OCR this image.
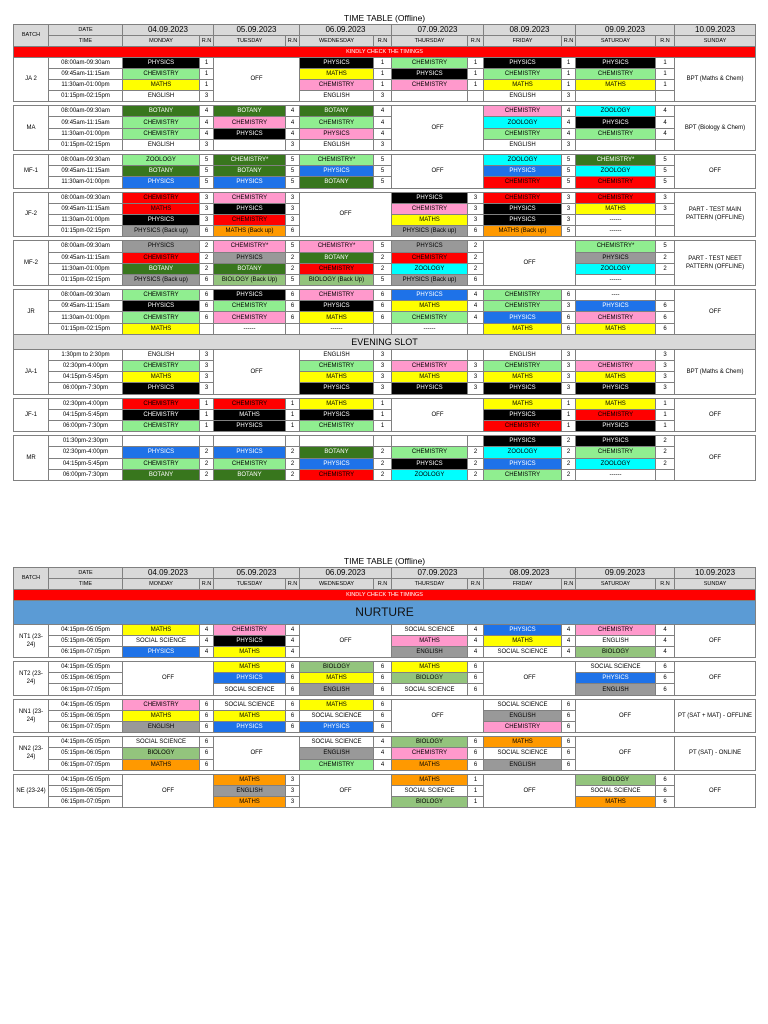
TIME TABLE (Offline)														
BATCH	DATE	04.09.2023		05.09.2023		06.09.2023		07.09.2023		08.09.2023		09.09.2023		10.09.2023
	TIME	MONDAY	R.N	TUESDAY	R.N	WEDNESDAY	R.N	THURSDAY	R.N	FRIDAY	R.N	SATURDAY	R.N	SUNDAY
KINDLY CHECK THE TIMINGS														
JA 2	08:00am-09:30am	PHYSICS	1	OFF		PHYSICS	1	CHEMISTRY	1	PHYSICS	1	PHYSICS	1	BPT (Maths & Chem)
	09:45am-11:15am	CHEMISTRY	1			MATHS	1	PHYSICS	1	CHEMISTRY	1	CHEMISTRY	1	
	11:30am-01:00pm	MATHS	1			CHEMISTRY	1	CHEMISTRY	1	MATHS	1	MATHS	1	
	01:15pm-02:15pm	ENGLISH	3			ENGLISH	3			ENGLISH	3			

MA	08:00am-09:30am	BOTANY	4	BOTANY	4	BOTANY	4	OFF		CHEMISTRY	4	ZOOLOGY	4	BPT (Biology & Chem)
	09:45am-11:15am	CHEMISTRY	4	CHEMISTRY	4	CHEMISTRY	4			ZOOLOGY	4	PHYSICS	4	
	11:30am-01:00pm	CHEMISTRY	4	PHYSICS	4	PHYSICS	4			CHEMISTRY	4	CHEMISTRY	4	
	01:15pm-02:15pm	ENGLISH	3		3	ENGLISH	3			ENGLISH	3			

MF-1	08:00am-09:30am	ZOOLOGY	5	CHEMISTRY*	5	CHEMISTRY*	5	OFF		ZOOLOGY	5	CHEMISTRY*	5	OFF
	09:45am-11:15am	BOTANY	5	BOTANY	5	PHYSICS	5			PHYSICS	5	ZOOLOGY	5	
	11:30am-01:00pm	PHYSICS	5	PHYSICS	5	BOTANY	5			CHEMISTRY	5	CHEMISTRY	5	

JF-2	08:00am-09:30am	CHEMISTRY	3	CHEMISTRY	3	OFF		PHYSICS	3	CHEMISTRY	3	CHEMISTRY	3	PART - TEST MAIN PATTERN (OFFLINE)
	09:45am-11:15am	MATHS	3	PHYSICS	3			CHEMISTRY	3	PHYSICS	3	MATHS	3	
	11:30am-01:00pm	PHYSICS	3	CHEMISTRY	3			MATHS	3	PHYSICS	3	------		
	01:15pm-02:15pm	PHYSICS (Back up)	6	MATHS (Back up)	6			PHYSICS (Back up)	6	MATHS (Back up)	5	------		

MF-2	08:00am-09:30am	PHYSICS	2	CHEMISTRY*	5	CHEMISTRY*	5	PHYSICS	2	OFF		CHEMISTRY*	5	PART - TEST NEET PATTERN (OFFLINE)
	09:45am-11:15am	CHEMISTRY	2	PHYSICS	2	BOTANY	2	CHEMISTRY	2			PHYSICS	2	
	11:30am-01:00pm	BOTANY	2	BOTANY	2	CHEMISTRY	2	ZOOLOGY	2			ZOOLOGY	2	
	01:15pm-02:15pm	PHYSICS (Back up)	6	BIOLOGY (Back Up)	5	BIOLOGY (Back Up)	5	PHYSICS (Back up)	6			------		

JR	08:00am-09:30am	CHEMISTRY	6	PHYSICS	6	CHEMISTRY	6	PHYSICS	4	CHEMISTRY	6	----		OFF
	09:45am-11:15am	PHYSICS	6	CHEMISTRY	6	PHYSICS	6	MATHS	4	CHEMISTRY	3	PHYSICS	6	
	11:30am-01:00pm	CHEMISTRY	6	CHEMISTRY	6	MATHS	6	CHEMISTRY	4	PHYSICS	6	CHEMISTRY	6	
	01:15pm-02:15pm	MATHS		------		------		------		MATHS	6	MATHS	6	
EVENING SLOT														
JA-1	1:30pm to 2:30pm	ENGLISH	3	OFF		ENGLISH	3			ENGLISH	3		3	BPT (Maths & Chem)
	02:30pm-4:00pm	CHEMISTRY	3			CHEMISTRY	3	CHEMISTRY	3	CHEMISTRY	3	CHEMISTRY	3	
	04:15pm-5:45pm	MATHS	3			MATHS	3	MATHS	3	MATHS	3	MATHS	3	
	06:00pm-7:30pm	PHYSICS	3			PHYSICS	3	PHYSICS	3	PHYSICS	3	PHYSICS	3	

JF-1	02:30pm-4:00pm	CHEMISTRY	1	CHEMISTRY	1	MATHS	1	OFF		MATHS	1	MATHS	1	OFF
	04:15pm-5:45pm	CHEMISTRY	1	MATHS	1	PHYSICS	1			PHYSICS	1	CHEMISTRY	1	
	06:00pm-7:30pm	CHEMISTRY	1	PHYSICS	1	CHEMISTRY	1			CHEMISTRY	1	PHYSICS	1	

MR	01:30pm-2:30pm									PHYSICS	2	PHYSICS	2	OFF
	02:30pm-4:00pm	PHYSICS	2	PHYSICS	2	BOTANY	2	CHEMISTRY	2	ZOOLOGY	2	CHEMISTRY	2	
	04:15pm-5:45pm	CHEMISTRY	2	CHEMISTRY	2	PHYSICS	2	PHYSICS	2	PHYSICS	2	ZOOLOGY	2	
	06:00pm-7:30pm	BOTANY	2	BOTANY	2	CHEMISTRY	2	ZOOLOGY	2	CHEMISTRY	2	------		
TIME TABLE (Offline)														
BATCH	DATE	04.09.2023		05.09.2023		06.09.2023		07.09.2023		08.09.2023		09.09.2023		10.09.2023
	TIME	MONDAY	R.N	TUESDAY	R.N	WEDNESDAY	R.N	THURSDAY	R.N	FRIDAY	R.N	SATURDAY	R.N	SUNDAY
KINDLY CHECK THE TIMINGS														
NURTURE														
NT1 (23-24)	04:15pm-05:05pm	MATHS	4	CHEMISTRY	4	OFF		SOCIAL SCIENCE	4	PHYSICS	4	CHEMISTRY	4	OFF
	05:15pm-06:05pm	SOCIAL SCIENCE	4	PHYSICS	4			MATHS	4	MATHS	4	ENGLISH	4	
	06:15pm-07:05pm	PHYSICS	4	MATHS	4			ENGLISH	4	SOCIAL SCIENCE	4	BIOLOGY	4	

NT2 (23-24)	04:15pm-05:05pm	OFF		MATHS	6	BIOLOGY	6	MATHS	6	OFF		SOCIAL SCIENCE	6	OFF
	05:15pm-06:05pm			PHYSICS	6	MATHS	6	BIOLOGY	6			PHYSICS	6	
	06:15pm-07:05pm			SOCIAL SCIENCE	6	ENGLISH	6	SOCIAL SCIENCE	6			ENGLISH	6	

NN1 (23-24)	04:15pm-05:05pm	CHEMISTRY	6	SOCIAL SCIENCE	6	MATHS	6	OFF		SOCIAL SCIENCE	6	OFF		PT (SAT + MAT) - OFFLINE
	05:15pm-06:05pm	MATHS	6	MATHS	6	SOCIAL SCIENCE	6			ENGLISH	6			
	06:15pm-07:05pm	ENGLISH	6	PHYSICS	6	PHYSICS	6			CHEMISTRY	6			

NN2 (23-24)	04:15pm-05:05pm	SOCIAL SCIENCE	6	OFF		SOCIAL SCIENCE	4	BIOLOGY	6	MATHS	6	OFF		PT (SAT) - ONLINE
	05:15pm-06:05pm	BIOLOGY	6			ENGLISH	4	CHEMISTRY	6	SOCIAL SCIENCE	6			
	06:15pm-07:05pm	MATHS	6			CHEMISTRY	4	MATHS	6	ENGLISH	6			

NE (23-24)	04:15pm-05:05pm	OFF		MATHS	3	OFF		MATHS	1	OFF		BIOLOGY	6	OFF
	05:15pm-06:05pm			ENGLISH	3			SOCIAL SCIENCE	1			SOCIAL SCIENCE	6	
	06:15pm-07:05pm			MATHS	3			BIOLOGY	1			MATHS	6	
